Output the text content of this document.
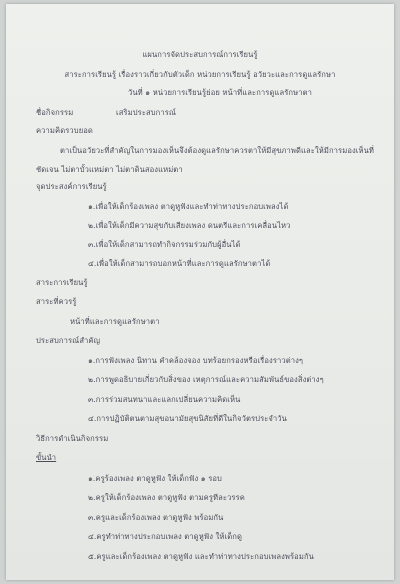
แผนการจัดประสบการณ์การเรียนรู้
สาระการเรียนรู้ เรื่องราวเกี่ยวกับตัวเด็ก หน่วยการเรียนรู้ อวัยวะและการดูแลรักษา
วันที่ ๑ หน่วยการเรียนรู้ย่อย หน้าที่และการดูแลรักษาตา
ชื่อกิจกรรม	เสริมประสบการณ์
ความคิดรวบยอด
ตาเป็นอวัยวะที่สำคัญในการมองเห็นจึงต้องดูแลรักษาควรตาให้มีสุขภาพดีและให้มีการมองเห็นที่
ชัดเจน ไม่ตาบั้วแหม่ตา ไม่ตาดินสองแหม่ตา
จุดประสงค์การเรียนรู้
๑.เพื่อให้เด็กร้องเพลง ตาดูหูฟังและทำท่าทางประกอบเพลงได้
๒.เพื่อให้เด็กมีความสุขกับเสียงเพลง ดนตรีและการเคลื่อนไหว
๓.เพื่อให้เด็กสามารถทำกิจกรรมร่วมกับผู้อื่นได้
๔.เพื่อให้เด็กสามารถบอกหน้าที่และการดูแลรักษาตาได้
สาระการเรียนรู้
สาระที่ควรรู้
หน้าที่และการดูแลรักษาตา
ประสบการณ์สำคัญ
๑.การฟังเพลง นิทาน คำคล้องจอง บทร้อยกรองหรือเรื่องราวต่างๆ
๒.การพูดอธิบายเกี่ยวกับสิ่งของ เหตุการณ์และความสัมพันธ์ของสิ่งต่างๆ
๓.การร่วมสนทนาและแลกเปลี่ยนความคิดเห็น
๔.การปฏิบัติตนตามสุขอนามัยสุขนิสัยที่ดีในกิจวัตรประจำวัน
วิธีการดำเนินกิจกรรม
ขั้นนำ
๑.ครูร้องเพลง ตาดูหูฟัง ให้เด็กฟัง ๑ รอบ
๒.ครูให้เด็กร้องเพลง ตาดูหูฟัง ตามครูทีละวรรค
๓.ครูและเด็กร้องเพลง ตาดูหูฟัง พร้อมกัน
๔.ครูทำท่าทางประกอบเพลง ตาดูหูฟัง ให้เด็กดู
๕.ครูและเด็กร้องเพลง ตาดูหูฟัง และทำท่าทางประกอบเพลงพร้อมกัน
